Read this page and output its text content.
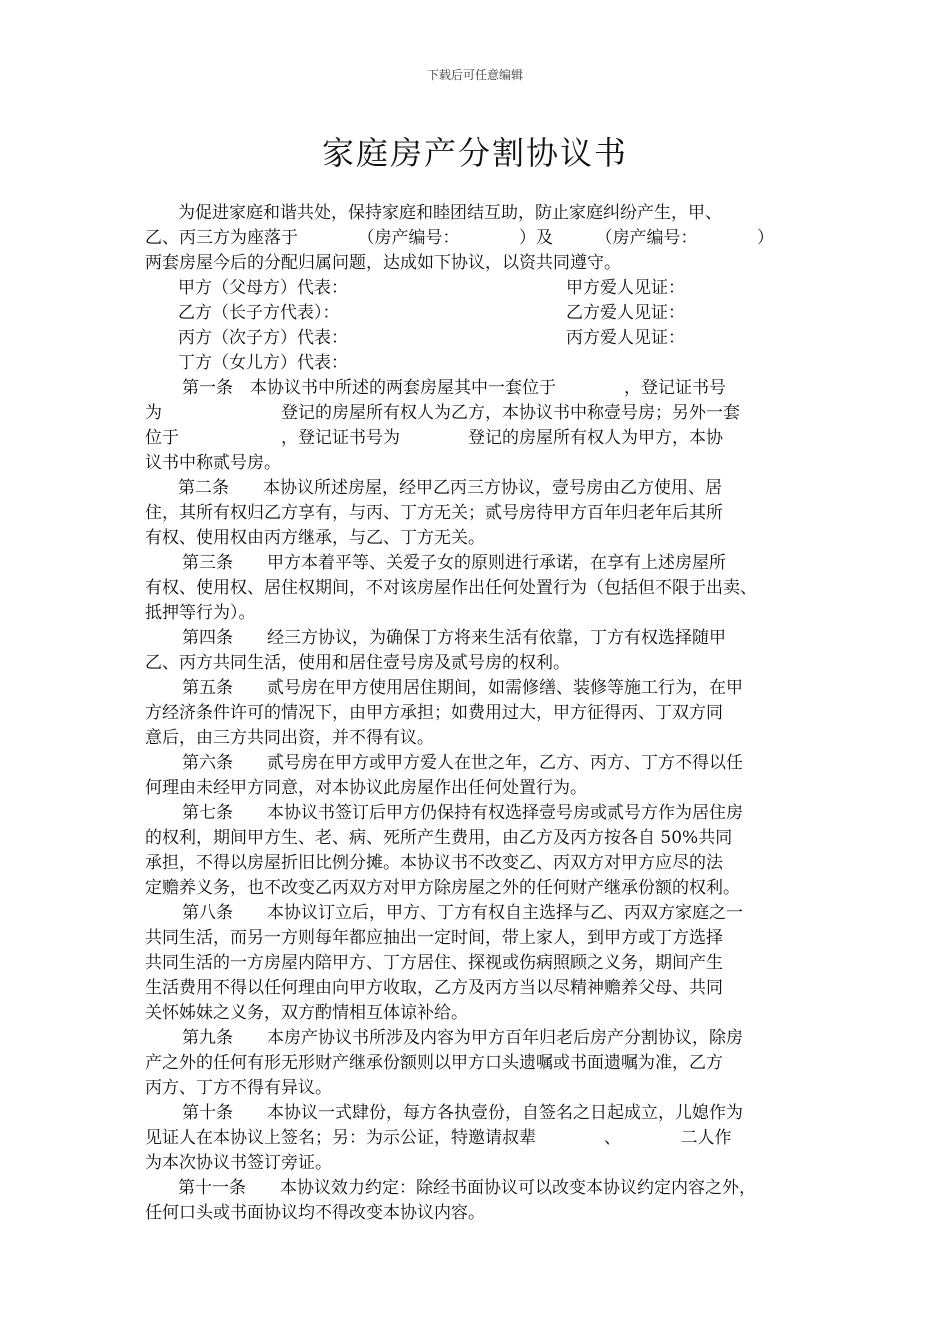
下载后可任意编辑
家庭房产分割协议书
为促进家庭和谐共处，保持家庭和睦团结互助，防止家庭纠纷产生，甲、
乙、丙三方为座落于　　　　（房产编号：　　　　）及　　　（房产编号：　　　　）
两套房屋今后的分配归属问题，达成如下协议，以资共同遵守。
甲方（父母方）代表：	甲方爱人见证：
乙方（长子方代表）：	乙方爱人见证：
丙方（次子方）代表：	丙方爱人见证：
丁方（女儿方）代表：
第一条　本协议书中所述的两套房屋其中一套位于　　　　，登记证书号
为　　　　　　　登记的房屋所有权人为乙方，本协议书中称壹号房；另外一套
位于　　　　　　，登记证书号为　　　　登记的房屋所有权人为甲方，本协
议书中称贰号房。
第二条　　本协议所述房屋，经甲乙丙三方协议，壹号房由乙方使用、居
住，其所有权归乙方享有，与丙、丁方无关；贰号房待甲方百年归老年后其所
有权、使用权由丙方继承，与乙、丁方无关。
第三条　　甲方本着平等、关爱子女的原则进行承诺，在享有上述房屋所
有权、使用权、居住权期间，不对该房屋作出任何处置行为（包括但不限于出卖、
抵押等行为）。
第四条　　经三方协议，为确保丁方将来生活有依靠，丁方有权选择随甲
乙、丙方共同生活，使用和居住壹号房及贰号房的权利。
第五条　　贰号房在甲方使用居住期间，如需修缮、装修等施工行为，在甲
方经济条件许可的情况下，由甲方承担；如费用过大，甲方征得丙、丁双方同
意后，由三方共同出资，并不得有议。
第六条　　贰号房在甲方或甲方爱人在世之年，乙方、丙方、丁方不得以任
何理由未经甲方同意，对本协议此房屋作出任何处置行为。
第七条　　本协议书签订后甲方仍保持有权选择壹号房或贰号方作为居住房
的权利，期间甲方生、老、病、死所产生费用，由乙方及丙方按各自 50%共同
承担，不得以房屋折旧比例分摊。本协议书不改变乙、丙双方对甲方应尽的法
定赡养义务，也不改变乙丙双方对甲方除房屋之外的任何财产继承份额的权利。
第八条　　本协议订立后，甲方、丁方有权自主选择与乙、丙双方家庭之一
共同生活，而另一方则每年都应抽出一定时间，带上家人，到甲方或丁方选择
共同生活的一方房屋内陪甲方、丁方居住、探视或伤病照顾之义务，期间产生
生活费用不得以任何理由向甲方收取，乙方及丙方当以尽精神赡养父母、共同
关怀姊妹之义务，双方酌情相互体谅补给。
第九条　　本房产协议书所涉及内容为甲方百年归老后房产分割协议，除房
产之外的任何有形无形财产继承份额则以甲方口头遗嘱或书面遗嘱为准，乙方
丙方、丁方不得有异议。
第十条　　本协议一式肆份，每方各执壹份，自签名之日起成立，儿媳作为
见证人在本协议上签名；另：为示公证，特邀请叔辈　　　　、　　　　二人作
为本次协议书签订旁证。
第十一条　　本协议效力约定：除经书面协议可以改变本协议约定内容之外，
任何口头或书面协议均不得改变本协议内容。
